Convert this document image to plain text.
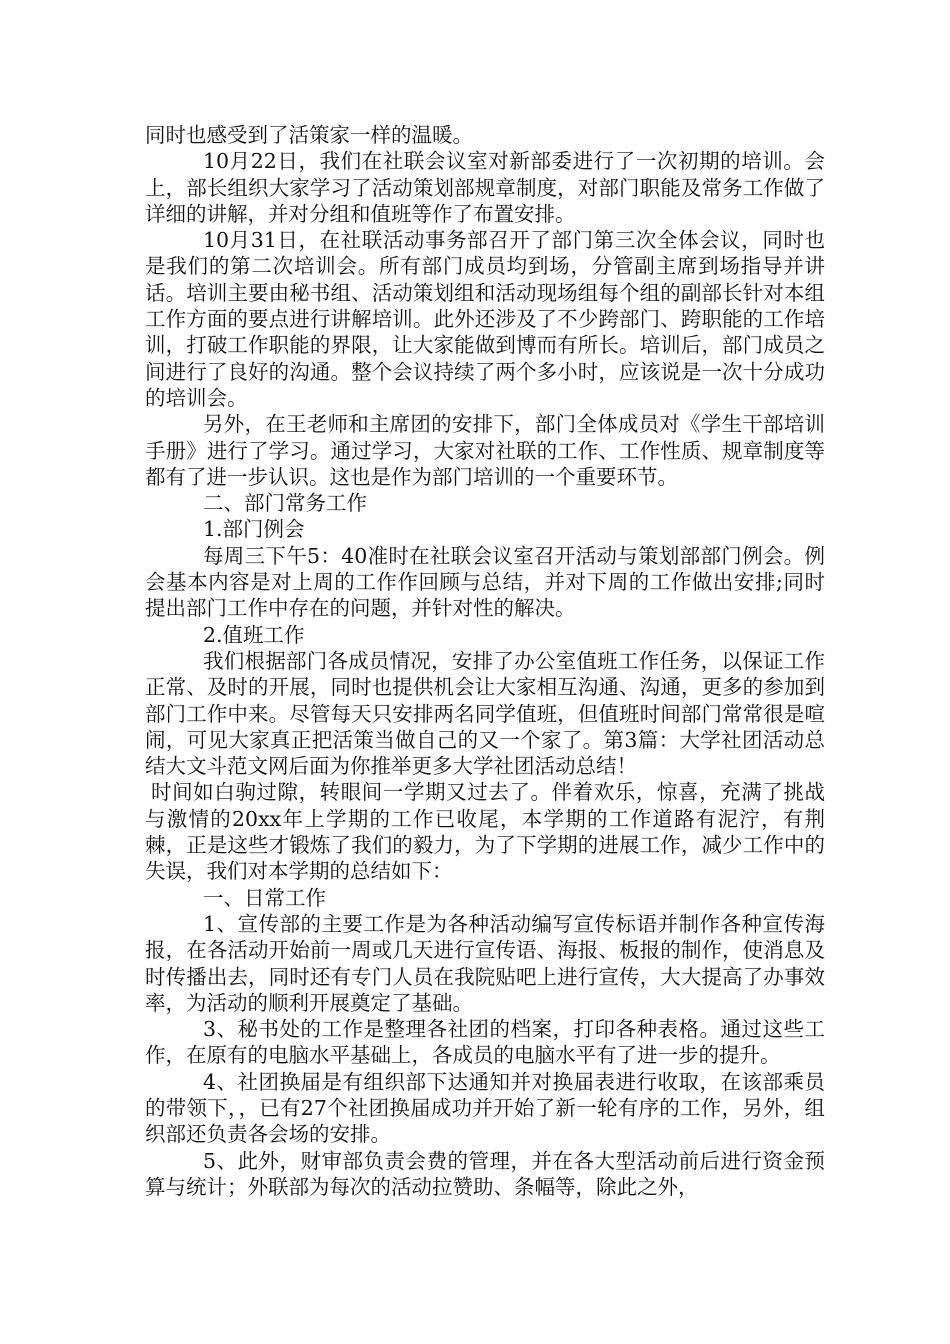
同时也感受到了活策家一样的温暖。

10月22日，我们在社联会议室对新部委进行了一次初期的培训。会上，部长组织大家学习了活动策划部规章制度，对部门职能及常务工作做了详细的讲解，并对分组和值班等作了布置安排。

10月31日，在社联活动事务部召开了部门第三次全体会议，同时也是我们的第二次培训会。所有部门成员均到场，分管副主席到场指导并讲话。培训主要由秘书组、活动策划组和活动现场组每个组的副部长针对本组工作方面的要点进行讲解培训。此外还涉及了不少跨部门、跨职能的工作培训，打破工作职能的界限，让大家能做到博而有所长。培训后，部门成员之间进行了良好的沟通。整个会议持续了两个多小时，应该说是一次十分成功的培训会。

另外，在王老师和主席团的安排下，部门全体成员对《学生干部培训手册》进行了学习。通过学习，大家对社联的工作、工作性质、规章制度等都有了进一步认识。这也是作为部门培训的一个重要环节。

二、部门常务工作

1.部门例会

每周三下午5：40准时在社联会议室召开活动与策划部部门例会。例会基本内容是对上周的工作作回顾与总结，并对下周的工作做出安排;同时提出部门工作中存在的问题，并针对性的解决。

2.值班工作

我们根据部门各成员情况，安排了办公室值班工作任务，以保证工作正常、及时的开展，同时也提供机会让大家相互沟通、沟通，更多的参加到部门工作中来。尽管每天只安排两名同学值班，但值班时间部门常常很是喧闹，可见大家真正把活策当做自己的又一个家了。第3篇：大学社团活动总结大文斗范文网后面为你推举更多大学社团活动总结！

时间如白驹过隙，转眼间一学期又过去了。伴着欢乐，惊喜，充满了挑战与激情的20xx年上学期的工作已收尾，本学期的工作道路有泥泞，有荆棘，正是这些才锻炼了我们的毅力，为了下学期的进展工作，减少工作中的失误，我们对本学期的总结如下：

一、日常工作

1、宣传部的主要工作是为各种活动编写宣传标语并制作各种宣传海报，在各活动开始前一周或几天进行宣传语、海报、板报的制作，使消息及时传播出去，同时还有专门人员在我院贴吧上进行宣传，大大提高了办事效率，为活动的顺利开展奠定了基础。

3、秘书处的工作是整理各社团的档案，打印各种表格。通过这些工作，在原有的电脑水平基础上，各成员的电脑水平有了进一步的提升。

4、社团换届是有组织部下达通知并对换届表进行收取，在该部乘员的带领下，，已有27个社团换届成功并开始了新一轮有序的工作，另外，组织部还负责各会场的安排。

5、此外，财审部负责会费的管理，并在各大型活动前后进行资金预算与统计；外联部为每次的活动拉赞助、条幅等，除此之外，
